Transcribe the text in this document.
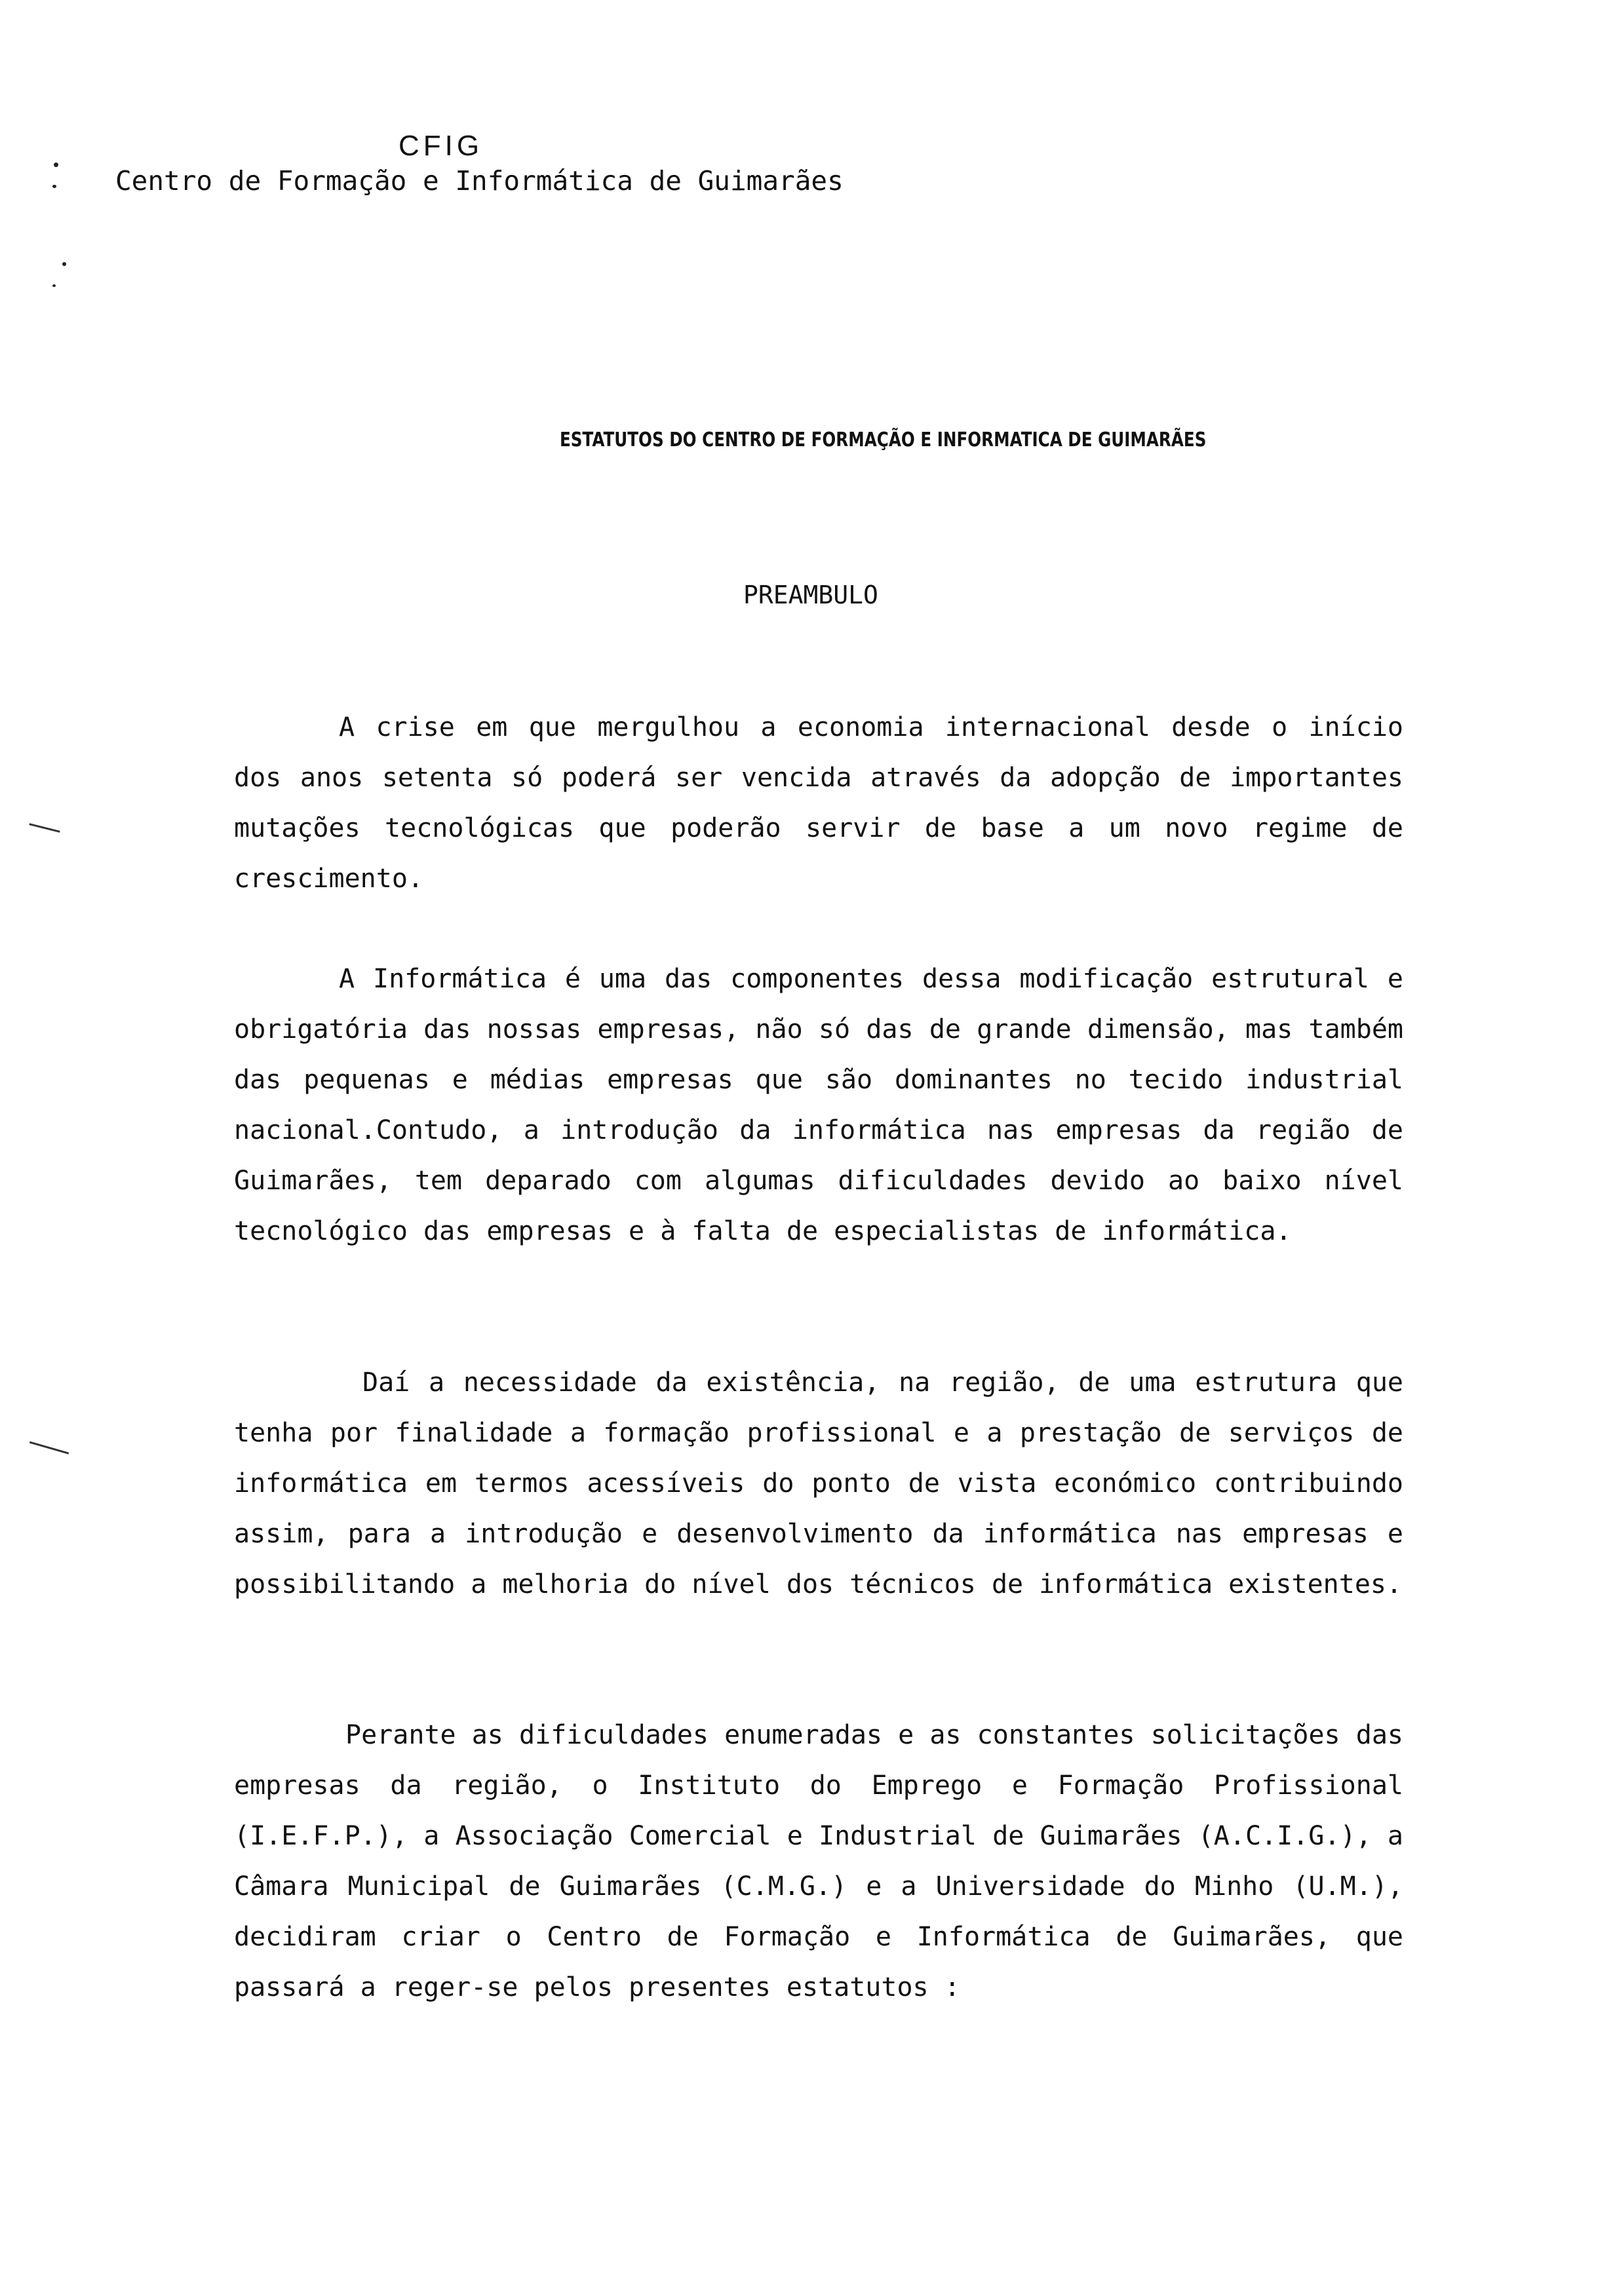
CFIG
Centro de Formação e Informática de Guimarães
ESTATUTOS DO CENTRO DE FORMAÇÃO E INFORMATICA DE GUIMARÃES
PREAMBULO

A crise em que mergulhou a economia internacional desde o início dos anos setenta só poderá ser vencida através da adopção de importantes mutações tecnológicas que poderão servir de base a um novo regime de crescimento.

A Informática é uma das componentes dessa modificação estrutural e obrigatória das nossas empresas, não só das de grande dimensão, mas também das pequenas e médias empresas que são dominantes no tecido industrial nacional.Contudo, a introdução da informática nas empresas da região de Guimarães, tem deparado com algumas dificuldades devido ao baixo nível tecnológico das empresas e à falta de especialistas de informática.

Daí a necessidade da existência, na região, de uma estrutura que tenha por finalidade a formação profissional e a prestação de serviços de informática em termos acessíveis do ponto de vista económico contribuindo assim, para a introdução e desenvolvimento da informática nas empresas e possibilitando a melhoria do nível dos técnicos de informática existentes.

Perante as dificuldades enumeradas e as constantes solicitações das empresas da região, o Instituto do Emprego e Formação Profissional (I.E.F.P.), a Associação Comercial e Industrial de Guimarães (A.C.I.G.), a Câmara Municipal de Guimarães (C.M.G.) e a Universidade do Minho (U.M.), decidiram criar o Centro de Formação e Informática de Guimarães, que passará a reger-se pelos presentes estatutos :
